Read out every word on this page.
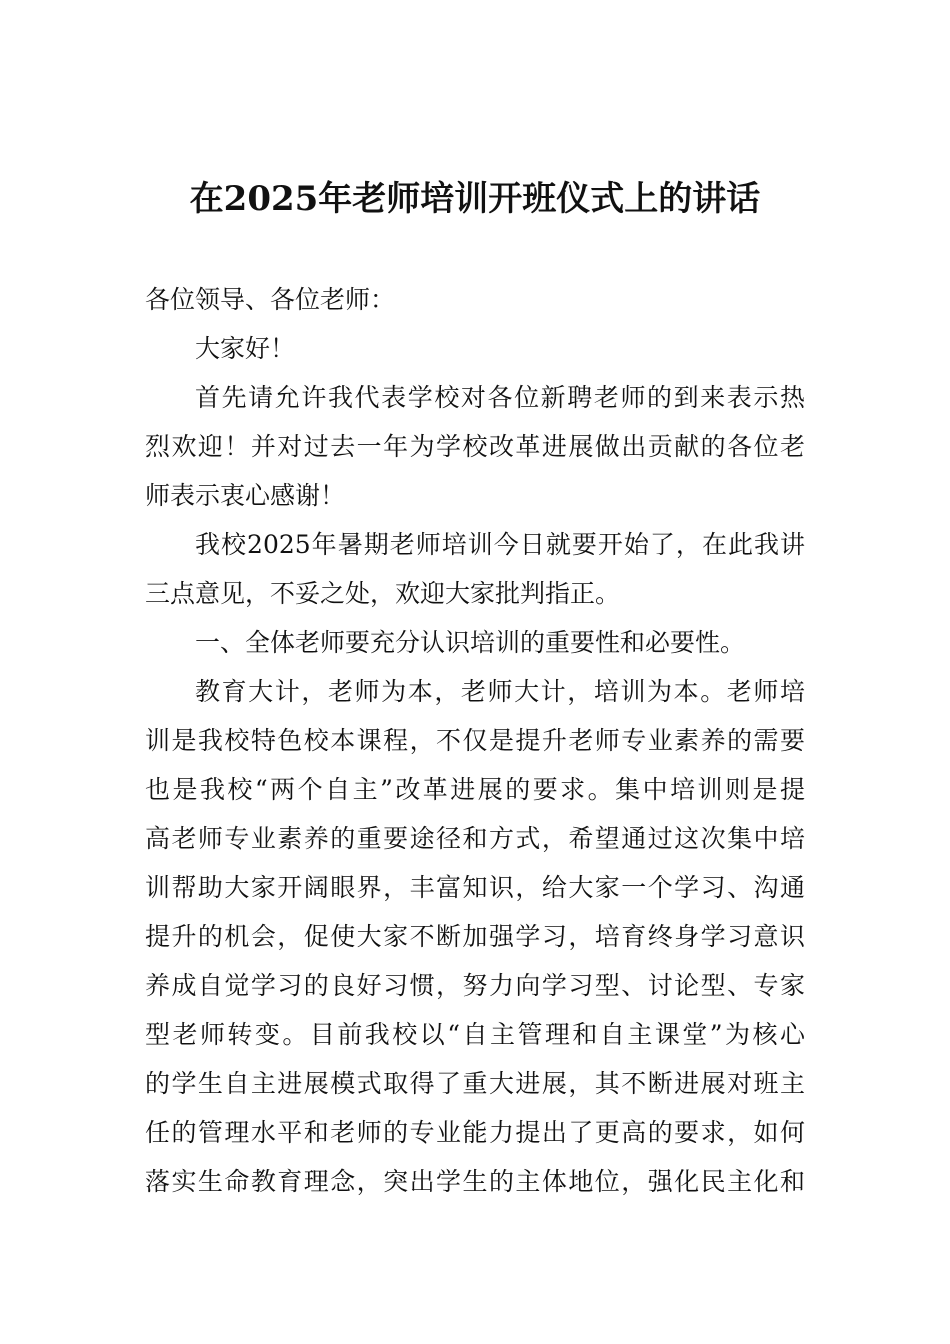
在2025年老师培训开班仪式上的讲话
各位领导、各位老师：
大家好！
首先请允许我代表学校对各位新聘老师的到来表示热
烈欢迎！并对过去一年为学校改革进展做出贡献的各位老
师表示衷心感谢！
我校2025年暑期老师培训今日就要开始了，在此我讲
三点意见，不妥之处，欢迎大家批判指正。
一、全体老师要充分认识培训的重要性和必要性。
教育大计，老师为本，老师大计，培训为本。老师培
训是我校特色校本课程，不仅是提升老师专业素养的需要
也是我校“两个自主”改革进展的要求。集中培训则是提
高老师专业素养的重要途径和方式，希望通过这次集中培
训帮助大家开阔眼界，丰富知识，给大家一个学习、沟通
提升的机会，促使大家不断加强学习，培育终身学习意识
养成自觉学习的良好习惯，努力向学习型、讨论型、专家
型老师转变。目前我校以“自主管理和自主课堂”为核心
的学生自主进展模式取得了重大进展，其不断进展对班主
任的管理水平和老师的专业能力提出了更高的要求，如何
落实生命教育理念，突出学生的主体地位，强化民主化和
